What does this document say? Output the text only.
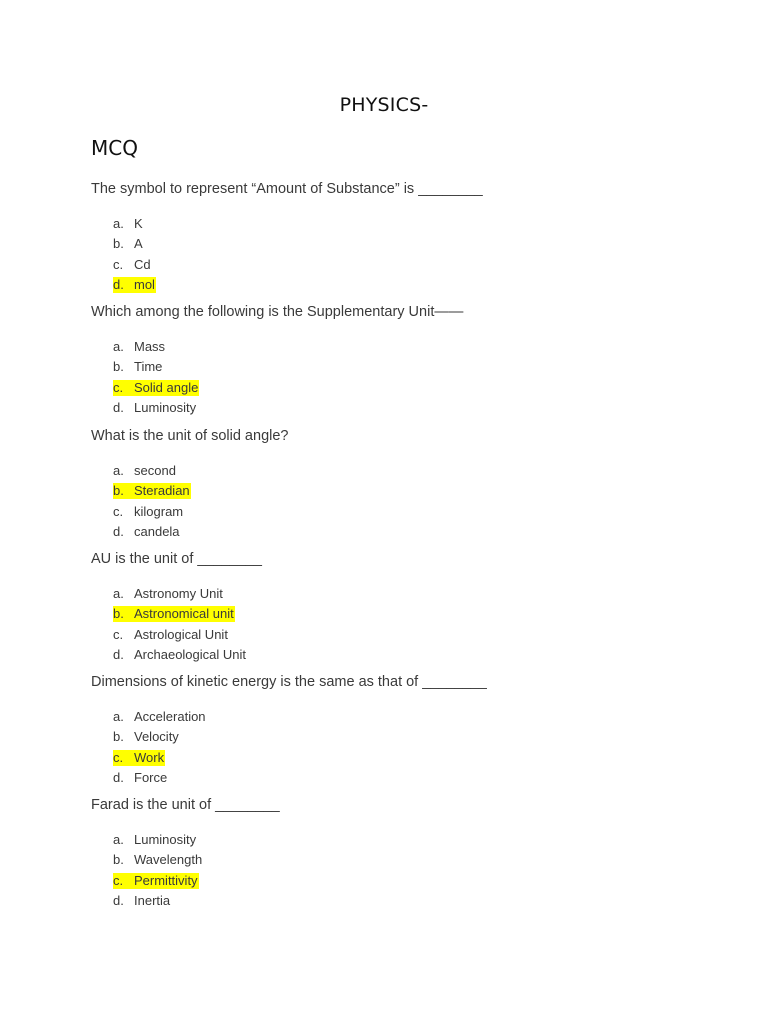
PHYSICS-
MCQ
The symbol to represent “Amount of Substance” is ________
a. K
b. A
c. Cd
d. mol
Which among the following is the Supplementary Unit——
a. Mass
b. Time
c. Solid angle
d. Luminosity
What is the unit of solid angle?
a. second
b. Steradian
c. kilogram
d. candela
AU is the unit of ________
a. Astronomy Unit
b. Astronomical unit
c. Astrological Unit
d. Archaeological Unit
Dimensions of kinetic energy is the same as that of ________
a. Acceleration
b. Velocity
c. Work
d. Force
Farad is the unit of ________
a. Luminosity
b. Wavelength
c. Permittivity
d. Inertia
